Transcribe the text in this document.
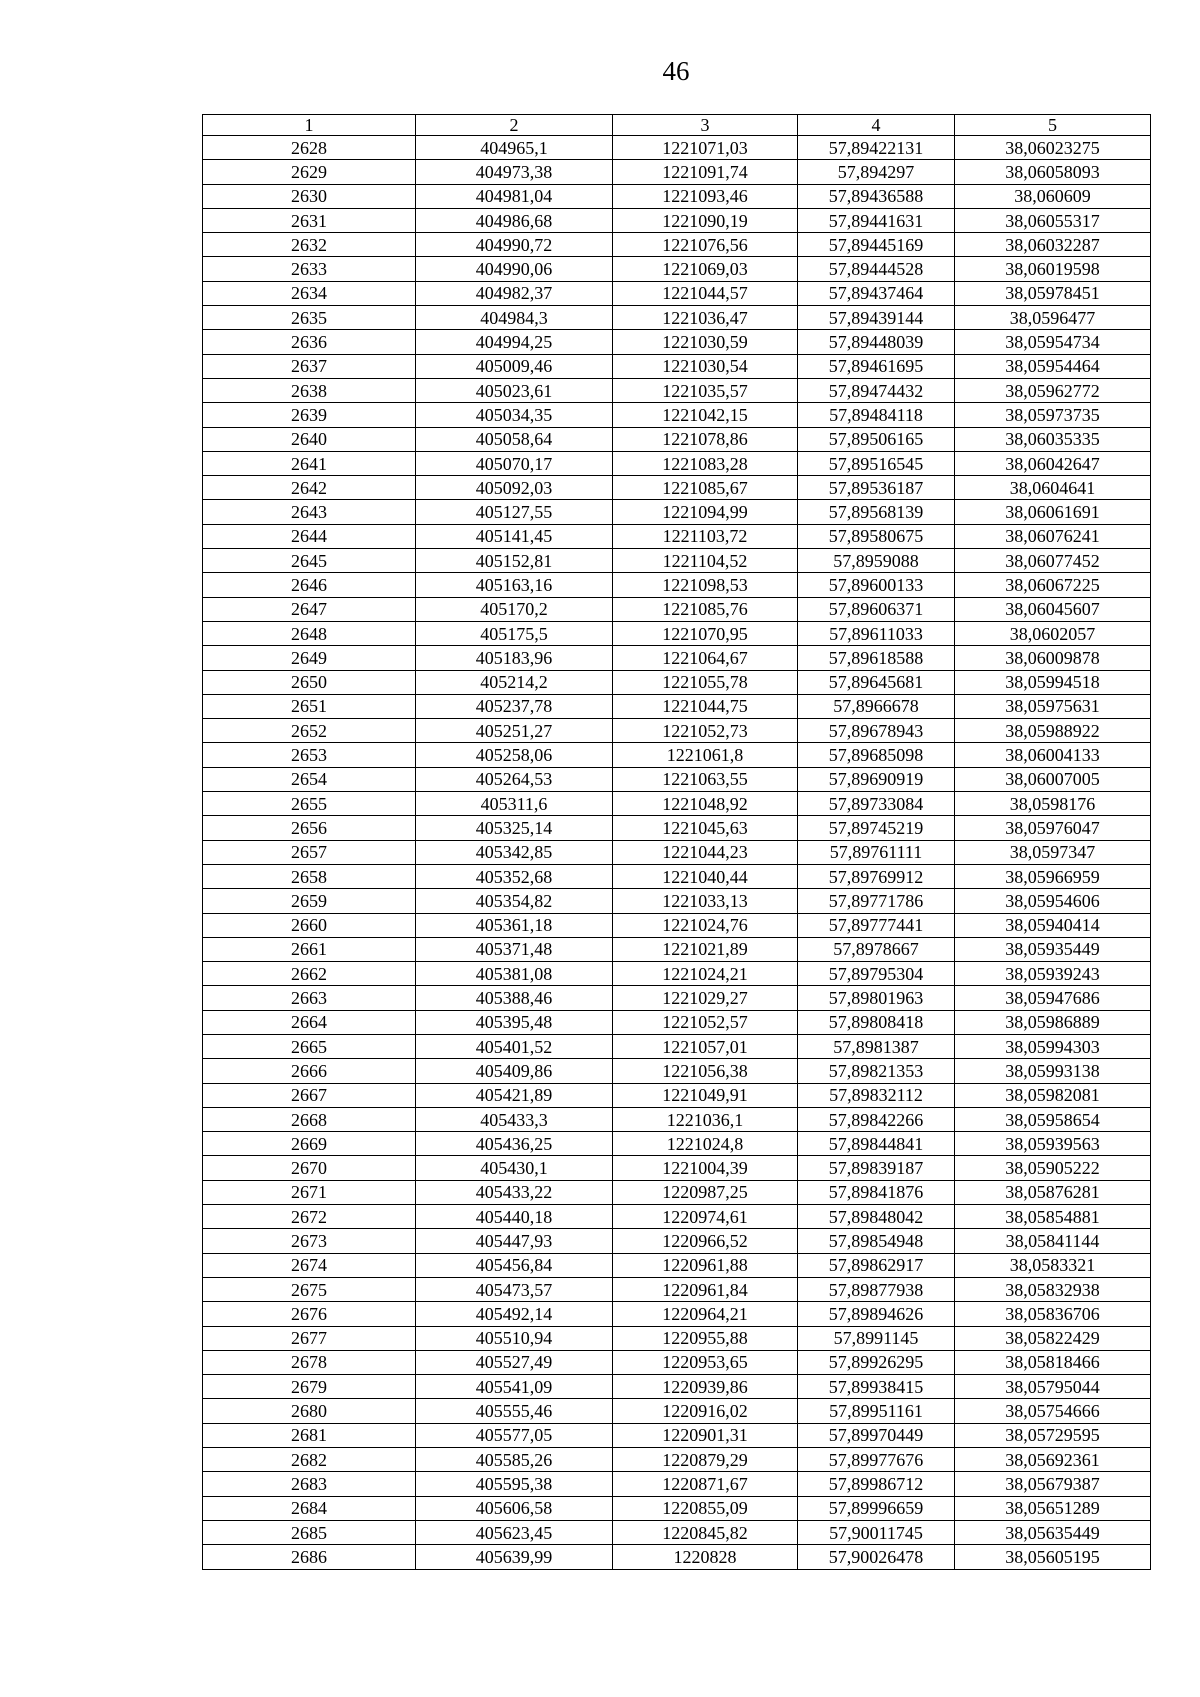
46
1	2	3	4	5
2628	404965,1	1221071,03	57,89422131	38,06023275
2629	404973,38	1221091,74	57,894297	38,06058093
2630	404981,04	1221093,46	57,89436588	38,060609
2631	404986,68	1221090,19	57,89441631	38,06055317
2632	404990,72	1221076,56	57,89445169	38,06032287
2633	404990,06	1221069,03	57,89444528	38,06019598
2634	404982,37	1221044,57	57,89437464	38,05978451
2635	404984,3	1221036,47	57,89439144	38,0596477
2636	404994,25	1221030,59	57,89448039	38,05954734
2637	405009,46	1221030,54	57,89461695	38,05954464
2638	405023,61	1221035,57	57,89474432	38,05962772
2639	405034,35	1221042,15	57,89484118	38,05973735
2640	405058,64	1221078,86	57,89506165	38,06035335
2641	405070,17	1221083,28	57,89516545	38,06042647
2642	405092,03	1221085,67	57,89536187	38,0604641
2643	405127,55	1221094,99	57,89568139	38,06061691
2644	405141,45	1221103,72	57,89580675	38,06076241
2645	405152,81	1221104,52	57,8959088	38,06077452
2646	405163,16	1221098,53	57,89600133	38,06067225
2647	405170,2	1221085,76	57,89606371	38,06045607
2648	405175,5	1221070,95	57,89611033	38,0602057
2649	405183,96	1221064,67	57,89618588	38,06009878
2650	405214,2	1221055,78	57,89645681	38,05994518
2651	405237,78	1221044,75	57,8966678	38,05975631
2652	405251,27	1221052,73	57,89678943	38,05988922
2653	405258,06	1221061,8	57,89685098	38,06004133
2654	405264,53	1221063,55	57,89690919	38,06007005
2655	405311,6	1221048,92	57,89733084	38,0598176
2656	405325,14	1221045,63	57,89745219	38,05976047
2657	405342,85	1221044,23	57,89761111	38,0597347
2658	405352,68	1221040,44	57,89769912	38,05966959
2659	405354,82	1221033,13	57,89771786	38,05954606
2660	405361,18	1221024,76	57,89777441	38,05940414
2661	405371,48	1221021,89	57,8978667	38,05935449
2662	405381,08	1221024,21	57,89795304	38,05939243
2663	405388,46	1221029,27	57,89801963	38,05947686
2664	405395,48	1221052,57	57,89808418	38,05986889
2665	405401,52	1221057,01	57,8981387	38,05994303
2666	405409,86	1221056,38	57,89821353	38,05993138
2667	405421,89	1221049,91	57,89832112	38,05982081
2668	405433,3	1221036,1	57,89842266	38,05958654
2669	405436,25	1221024,8	57,89844841	38,05939563
2670	405430,1	1221004,39	57,89839187	38,05905222
2671	405433,22	1220987,25	57,89841876	38,05876281
2672	405440,18	1220974,61	57,89848042	38,05854881
2673	405447,93	1220966,52	57,89854948	38,05841144
2674	405456,84	1220961,88	57,89862917	38,0583321
2675	405473,57	1220961,84	57,89877938	38,05832938
2676	405492,14	1220964,21	57,89894626	38,05836706
2677	405510,94	1220955,88	57,8991145	38,05822429
2678	405527,49	1220953,65	57,89926295	38,05818466
2679	405541,09	1220939,86	57,89938415	38,05795044
2680	405555,46	1220916,02	57,89951161	38,05754666
2681	405577,05	1220901,31	57,89970449	38,05729595
2682	405585,26	1220879,29	57,89977676	38,05692361
2683	405595,38	1220871,67	57,89986712	38,05679387
2684	405606,58	1220855,09	57,89996659	38,05651289
2685	405623,45	1220845,82	57,90011745	38,05635449
2686	405639,99	1220828	57,90026478	38,05605195
